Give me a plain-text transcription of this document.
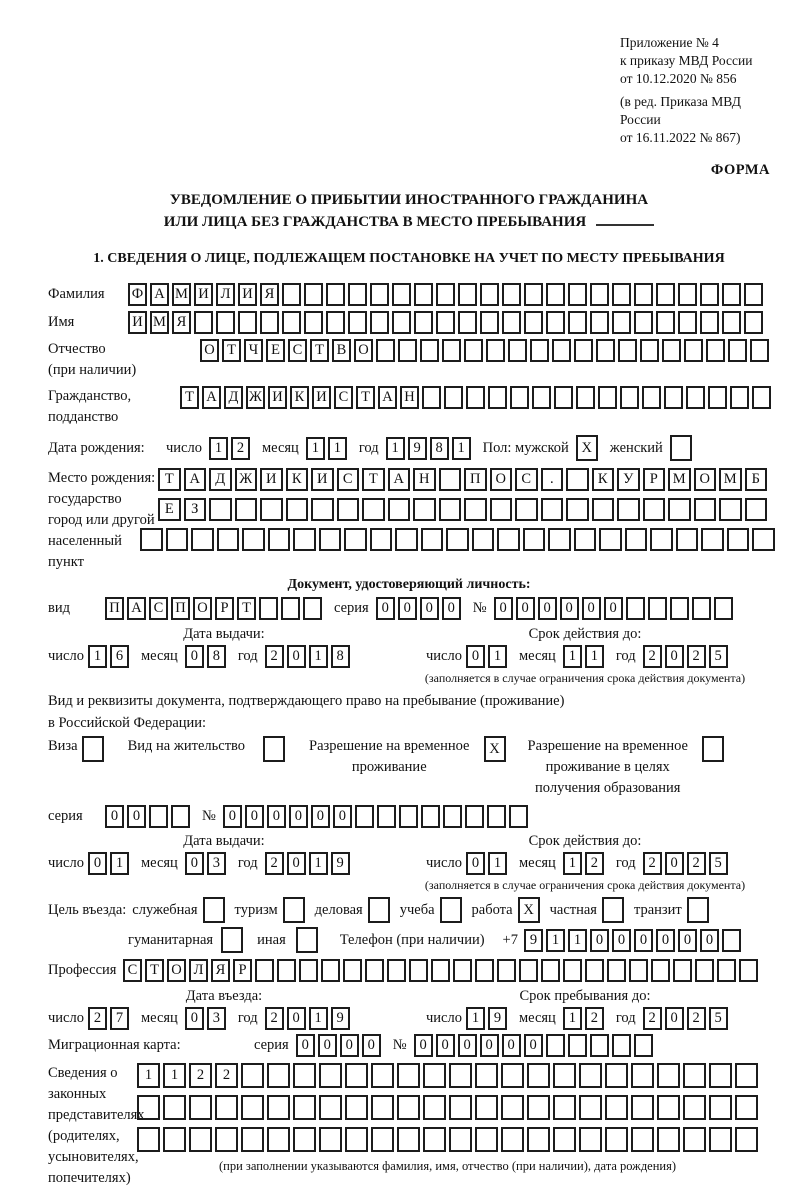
Приложение № 4
к приказу МВД России
от 10.12.2020 № 856
(в ред. Приказа МВД России
от 16.11.2022 № 867)
ФОРМА
УВЕДОМЛЕНИЕ О ПРИБЫТИИ ИНОСТРАННОГО ГРАЖДАНИНА
ИЛИ ЛИЦА БЕЗ ГРАЖДАНСТВА В МЕСТО ПРЕБЫВАНИЯ
1. СВЕДЕНИЯ О ЛИЦЕ, ПОДЛЕЖАЩЕМ ПОСТАНОВКЕ НА УЧЕТ ПО МЕСТУ ПРЕБЫВАНИЯ
Фамилия	Ф А М И Л И Я
Имя	И М Я
Отчество
(при наличии)
О Т Ч Е С Т В О
Гражданство,
подданство
Т А Д Ж И К И С Т А Н
Дата рождения:	число 1	2	месяц 1	1	год 1	9	8	1	Пол: мужской X	женский
Место рождения:
государство
город или другой
населенный пункт
Т	А	Д Ж И	К	И	С	Т	А	Н	П	О	С	.	К	У	Р	М О М	Б
Е	З
Документ, удостоверяющий личность:
вид	П А С П О Р Т	серия 0	0	0	0	№ 0	0	0	0	0	0
Дата выдачи:
число 1	6	месяц 0	8	год 2	0	1	8
Срок действия до:
число 0	1	месяц 1	1	год 2	0	2	5
(заполняется в случае ограничения срока действия документа)
Вид и реквизиты документа, подтверждающего право на пребывание (проживание)
в Российской Федерации:
Виза	Вид на жительство	Разрешение на временное
проживание
X	Разрешение на временное
проживание в целях
получения образования
серия	0	0	№ 0	0	0	0	0	0
Дата выдачи:
число 0	1	месяц 0	3	год 2	0	1	9
Срок действия до:
число 0	1	месяц 1	2	год 2	0	2	5
(заполняется в случае ограничения срока действия документа)
Цель въезда: служебная	туризм	деловая	учеба	работа X	частная	транзит
гуманитарная	иная	Телефон (при наличии) +7 9	1	1	0	0	0	0	0	0
Профессия С Т О Л Я Р
Дата въезда:
число 2	7	месяц 0	3	год 2	0	1	9
Срок пребывания до:
число 1	9	месяц 1	2	год 2	0	2	5
Миграционная карта:	серия 0	0	0	0	№ 0	0	0	0	0	0
Сведения о
законных
представителях
(родителях,
усыновителях,
попечителях)
1	1	2	2
(при заполнении указываются фамилия, имя, отчество (при наличии), дата рождения)
